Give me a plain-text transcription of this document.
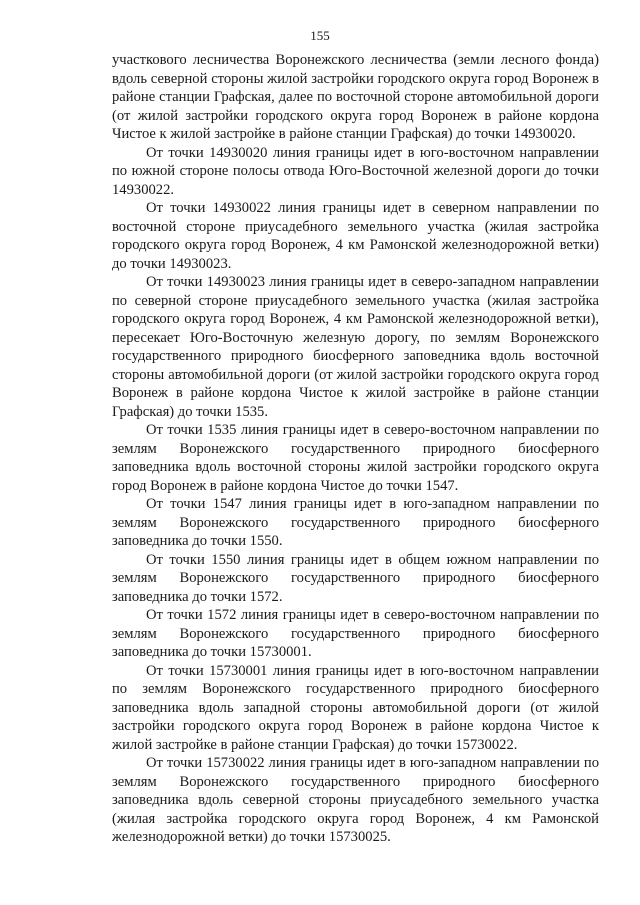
155

участкового лесничества Воронежского лесничества (земли лесного фонда) вдоль северной стороны жилой застройки городского округа город Воронеж в районе станции Графская, далее по восточной стороне автомобильной дороги (от жилой застройки городского округа город Воронеж в районе кордона Чистое к жилой застройке в районе станции Графская) до точки 14930020.

От точки 14930020 линия границы идет в юго-восточном направлении по южной стороне полосы отвода Юго-Восточной железной дороги до точки 14930022.

От точки 14930022 линия границы идет в северном направлении по восточной стороне приусадебного земельного участка (жилая застройка городского округа город Воронеж, 4 км Рамонской железнодорожной ветки) до точки 14930023.

От точки 14930023 линия границы идет в северо-западном направлении по северной стороне приусадебного земельного участка (жилая застройка городского округа город Воронеж, 4 км Рамонской железнодорожной ветки), пересекает Юго-Восточную железную дорогу, по землям Воронежского государственного природного биосферного заповедника вдоль восточной стороны автомобильной дороги (от жилой застройки городского округа город Воронеж в районе кордона Чистое к жилой застройке в районе станции Графская) до точки 1535.

От точки 1535 линия границы идет в северо-восточном направлении по землям Воронежского государственного природного биосферного заповедника вдоль восточной стороны жилой застройки городского округа город Воронеж в районе кордона Чистое до точки 1547.

От точки 1547 линия границы идет в юго-западном направлении по землям Воронежского государственного природного биосферного заповедника до точки 1550.

От точки 1550 линия границы идет в общем южном направлении по землям Воронежского государственного природного биосферного заповедника до точки 1572.

От точки 1572 линия границы идет в северо-восточном направлении по землям Воронежского государственного природного биосферного заповедника до точки 15730001.

От точки 15730001 линия границы идет в юго-восточном направлении по землям Воронежского государственного природного биосферного заповедника вдоль западной стороны автомобильной дороги (от жилой застройки городского округа город Воронеж в районе кордона Чистое к жилой застройке в районе станции Графская) до точки 15730022.

От точки 15730022 линия границы идет в юго-западном направлении по землям Воронежского государственного природного биосферного заповедника вдоль северной стороны приусадебного земельного участка (жилая застройка городского округа город Воронеж, 4 км Рамонской железнодорожной ветки) до точки 15730025.
